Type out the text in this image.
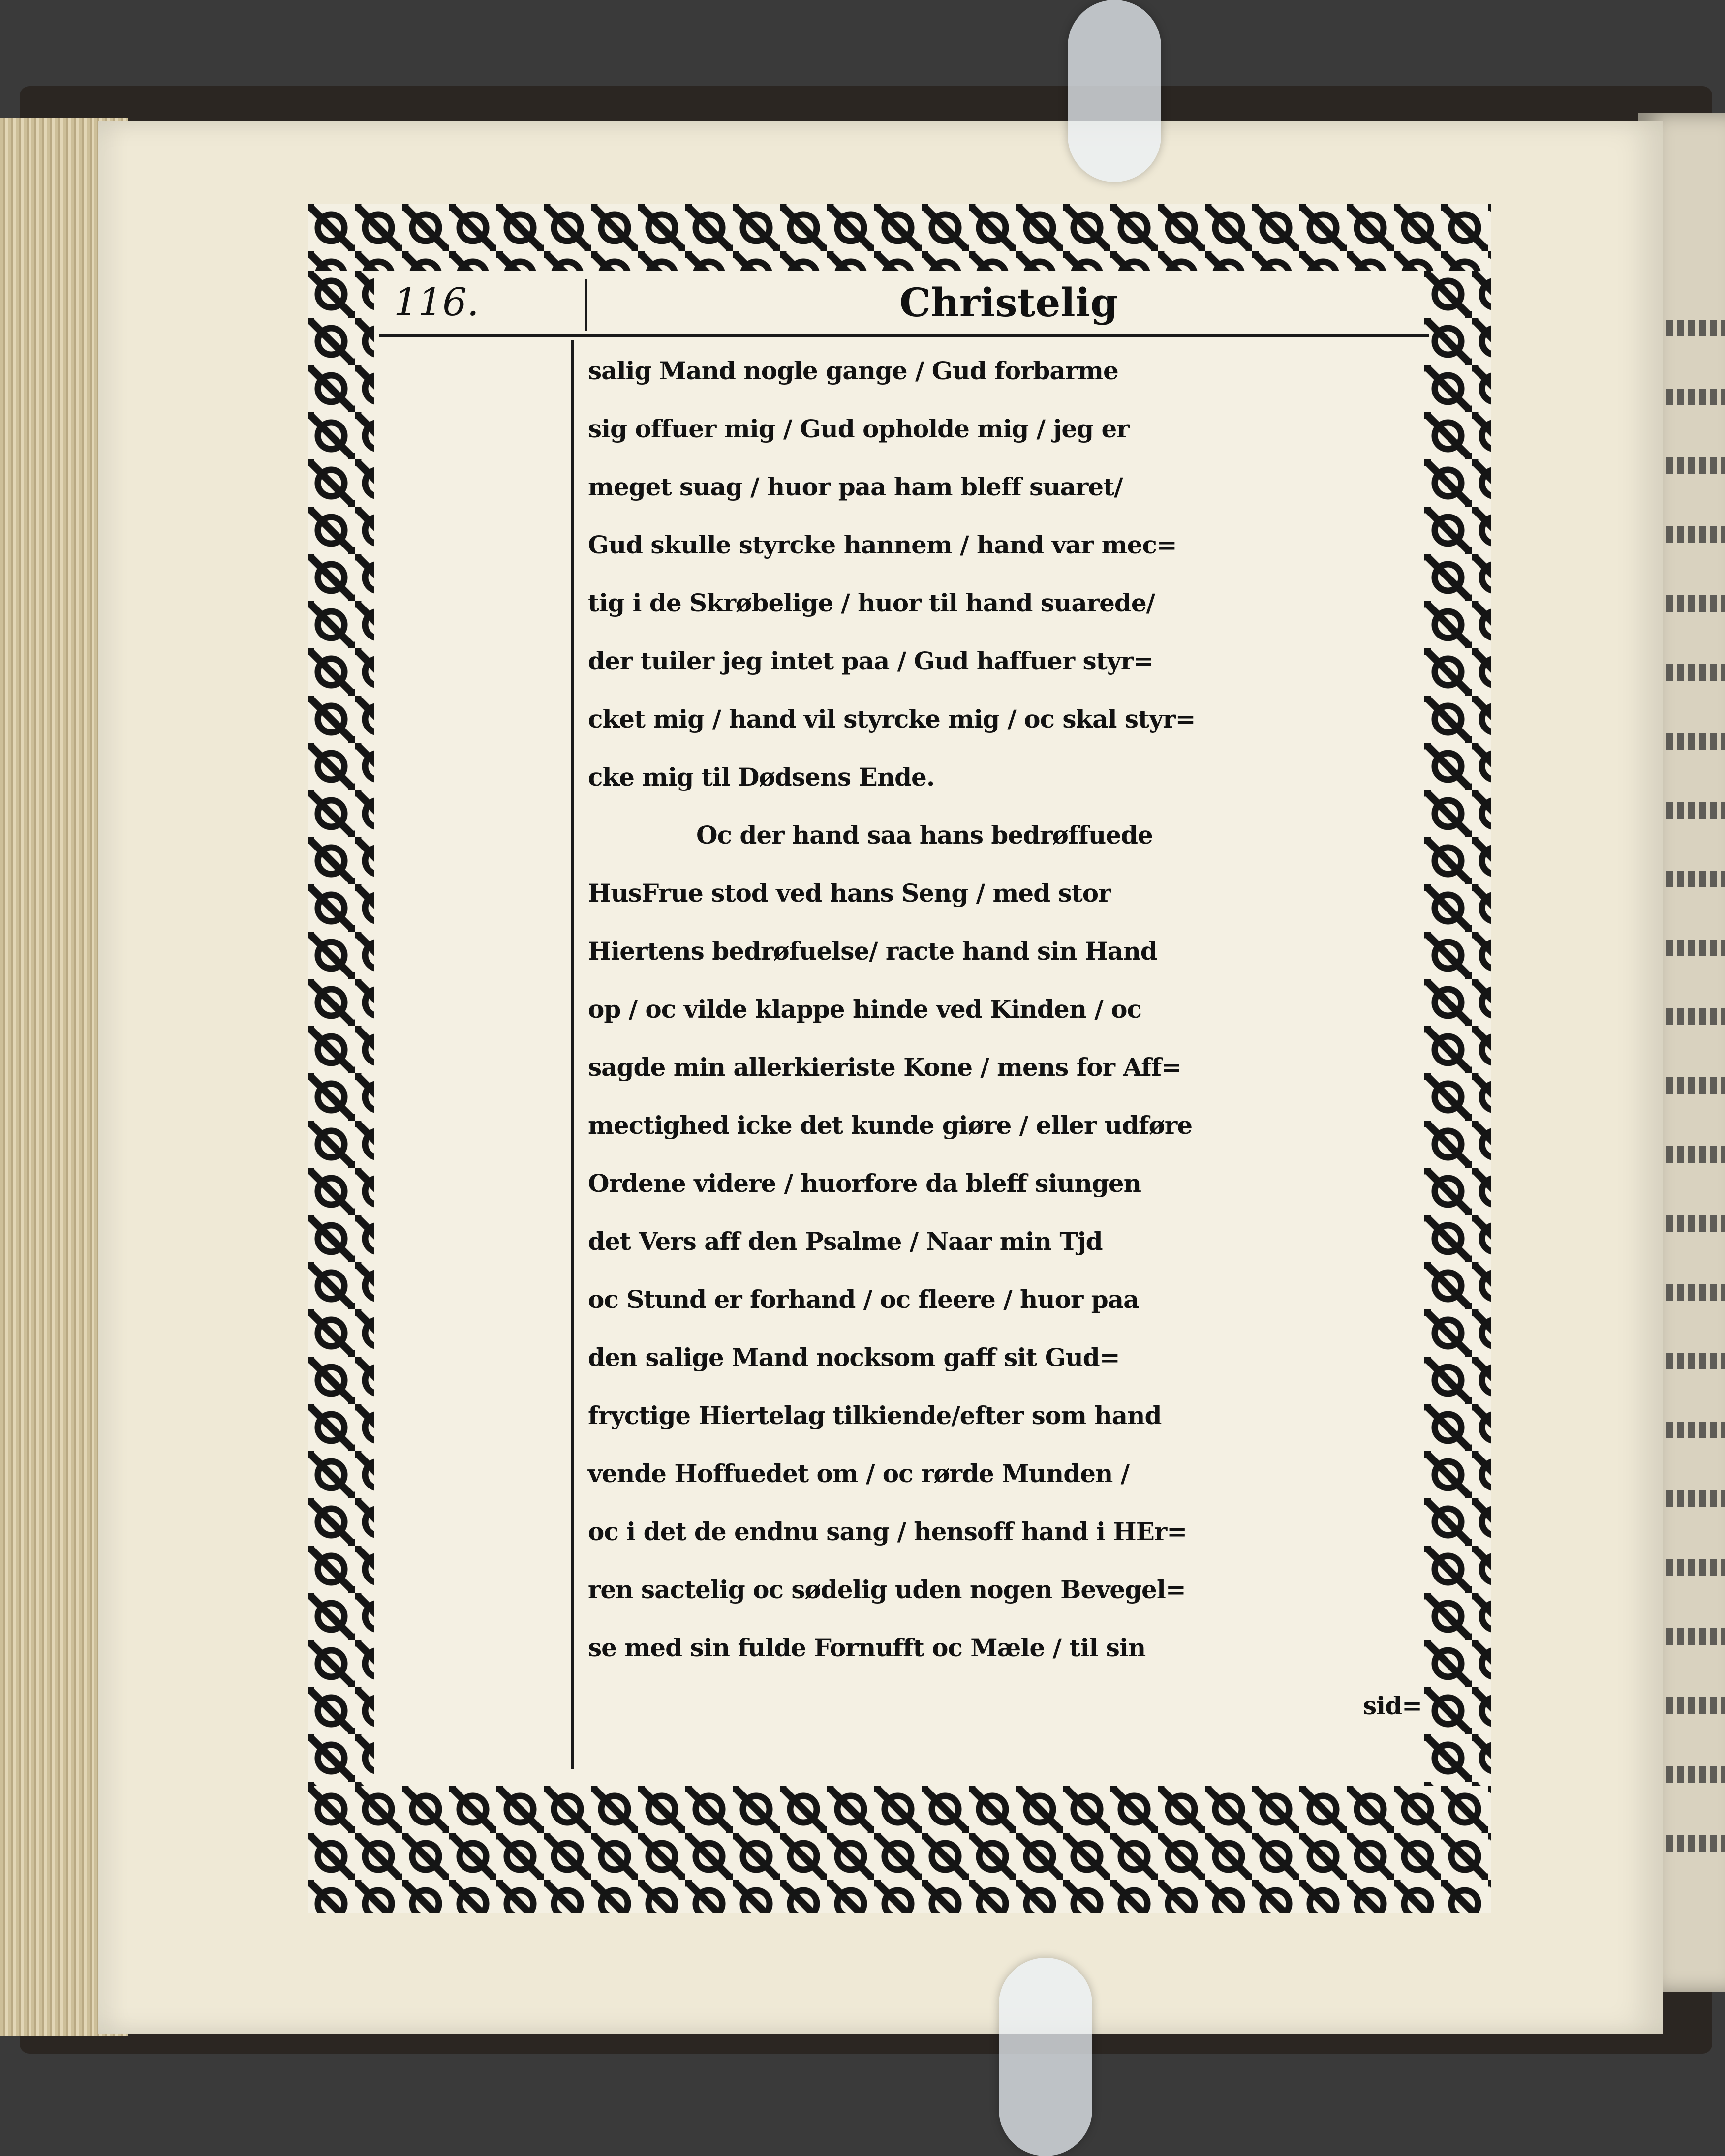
116.	Christelig
salig Mand nogle gange / Gud forbarme
sig offuer mig / Gud opholde mig / jeg er
meget suag / huor paa ham bleff suaret/
Gud skulle styrcke hannem / hand var mec=
tig i de Skrøbelige / huor til hand suarede/
der tuiler jeg intet paa / Gud haffuer styr=
cket mig / hand vil styrcke mig / oc skal styr=
cke mig til Dødsens Ende.
Oc der hand saa hans bedrøffuede
HusFrue stod ved hans Seng / med stor
Hiertens bedrøfuelse/ racte hand sin Hand
op / oc vilde klappe hinde ved Kinden / oc
sagde min allerkieriste Kone / mens for Aff=
mectighed icke det kunde giøre / eller udføre
Ordene videre / huorfore da bleff siungen
det Vers aff den Psalme / Naar min Tjd
oc Stund er forhand / oc fleere / huor paa
den salige Mand nocksom gaff sit Gud=
fryctige Hiertelag tilkiende/efter som hand
vende Hoffuedet om / oc rørde Munden /
oc i det de endnu sang / hensoff hand i HEr=
ren sactelig oc sødelig uden nogen Bevegel=
se med sin fulde Fornufft oc Mæle / til sin
sid=
